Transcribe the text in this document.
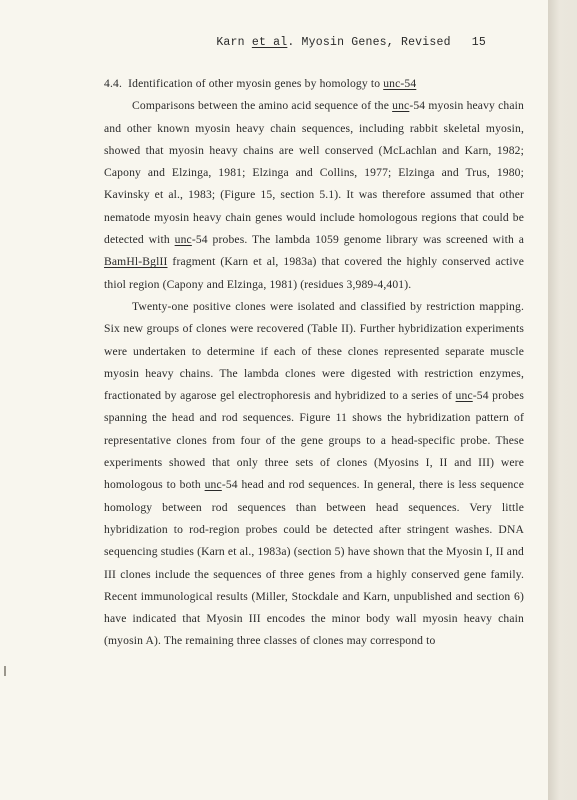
Karn et al. Myosin Genes, Revised 15

4.4. Identification of other myosin genes by homology to unc-54

Comparisons between the amino acid sequence of the unc-54 myosin heavy chain and other known myosin heavy chain sequences, including rabbit skeletal myosin, showed that myosin heavy chains are well conserved (McLachlan and Karn, 1982; Capony and Elzinga, 1981; Elzinga and Collins, 1977; Elzinga and Trus, 1980; Kavinsky et al., 1983; (Figure 15, section 5.1). It was therefore assumed that other nematode myosin heavy chain genes would include homologous regions that could be detected with unc-54 probes. The lambda 1059 genome library was screened with a BamHl-BglII fragment (Karn et al, 1983a) that covered the highly conserved active thiol region (Capony and Elzinga, 1981) (residues 3,989-4,401).

Twenty-one positive clones were isolated and classified by restriction mapping. Six new groups of clones were recovered (Table II). Further hybridization experiments were undertaken to determine if each of these clones represented separate muscle myosin heavy chains. The lambda clones were digested with restriction enzymes, fractionated by agarose gel electrophoresis and hybridized to a series of unc-54 probes spanning the head and rod sequences. Figure 11 shows the hybridization pattern of representative clones from four of the gene groups to a head-specific probe. These experiments showed that only three sets of clones (Myosins I, II and III) were homologous to both unc-54 head and rod sequences. In general, there is less sequence homology between rod sequences than between head sequences. Very little hybridization to rod-region probes could be detected after stringent washes. DNA sequencing studies (Karn et al., 1983a) (section 5) have shown that the Myosin I, II and III clones include the sequences of three genes from a highly conserved gene family. Recent immunological results (Miller, Stockdale and Karn, unpublished and section 6) have indicated that Myosin III encodes the minor body wall myosin heavy chain (myosin A). The remaining three classes of clones may correspond to
